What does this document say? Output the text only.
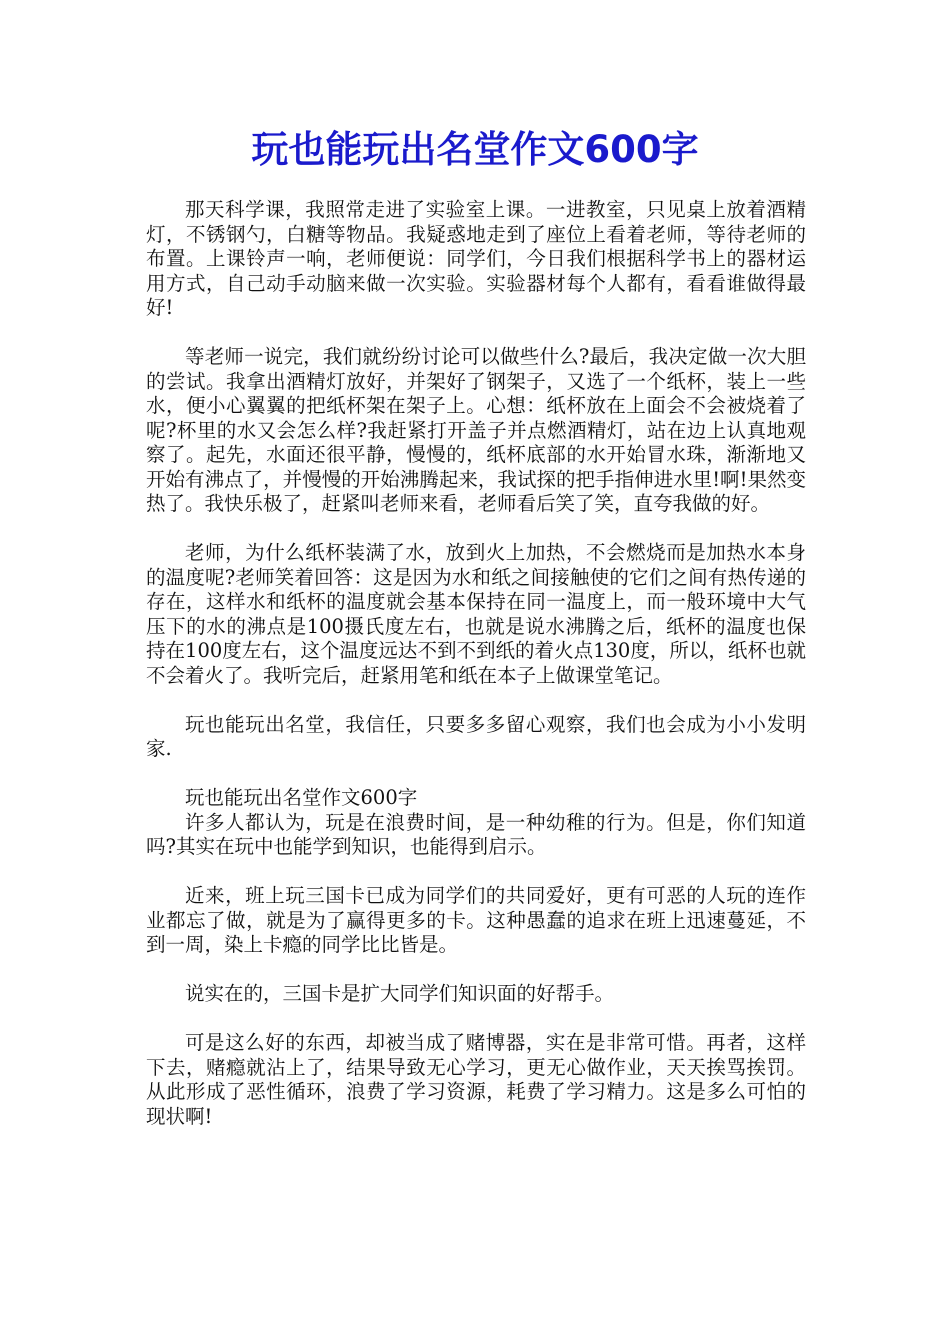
玩也能玩出名堂作文600字

那天科学课，我照常走进了实验室上课。一进教室，只见桌上放着酒精灯，不锈钢勺，白糖等物品。我疑惑地走到了座位上看着老师，等待老师的布置。上课铃声一响，老师便说：同学们，今日我们根据科学书上的器材运用方式，自己动手动脑来做一次实验。实验器材每个人都有，看看谁做得最好!

等老师一说完，我们就纷纷讨论可以做些什么?最后，我决定做一次大胆的尝试。我拿出酒精灯放好，并架好了钢架子，又选了一个纸杯，装上一些水，便小心翼翼的把纸杯架在架子上。心想：纸杯放在上面会不会被烧着了呢?杯里的水又会怎么样?我赶紧打开盖子并点燃酒精灯，站在边上认真地观察了。起先，水面还很平静，慢慢的，纸杯底部的水开始冒水珠，渐渐地又开始有沸点了，并慢慢的开始沸腾起来，我试探的把手指伸进水里!啊!果然变热了。我快乐极了，赶紧叫老师来看，老师看后笑了笑，直夸我做的好。

老师，为什么纸杯装满了水，放到火上加热，不会燃烧而是加热水本身的温度呢?老师笑着回答：这是因为水和纸之间接触使的它们之间有热传递的存在，这样水和纸杯的温度就会基本保持在同一温度上，而一般环境中大气压下的水的沸点是100摄氏度左右，也就是说水沸腾之后，纸杯的温度也保持在100度左右，这个温度远达不到不到纸的着火点130度，所以，纸杯也就不会着火了。我听完后，赶紧用笔和纸在本子上做课堂笔记。

玩也能玩出名堂，我信任，只要多多留心观察，我们也会成为小小发明家.

玩也能玩出名堂作文600字

许多人都认为，玩是在浪费时间，是一种幼稚的行为。但是，你们知道吗?其实在玩中也能学到知识，也能得到启示。

近来，班上玩三国卡已成为同学们的共同爱好，更有可恶的人玩的连作业都忘了做，就是为了赢得更多的卡。这种愚蠢的追求在班上迅速蔓延，不到一周，染上卡瘾的同学比比皆是。

说实在的，三国卡是扩大同学们知识面的好帮手。

可是这么好的东西，却被当成了赌博器，实在是非常可惜。再者，这样下去，赌瘾就沾上了，结果导致无心学习，更无心做作业，天天挨骂挨罚。从此形成了恶性循环，浪费了学习资源，耗费了学习精力。这是多么可怕的现状啊!
